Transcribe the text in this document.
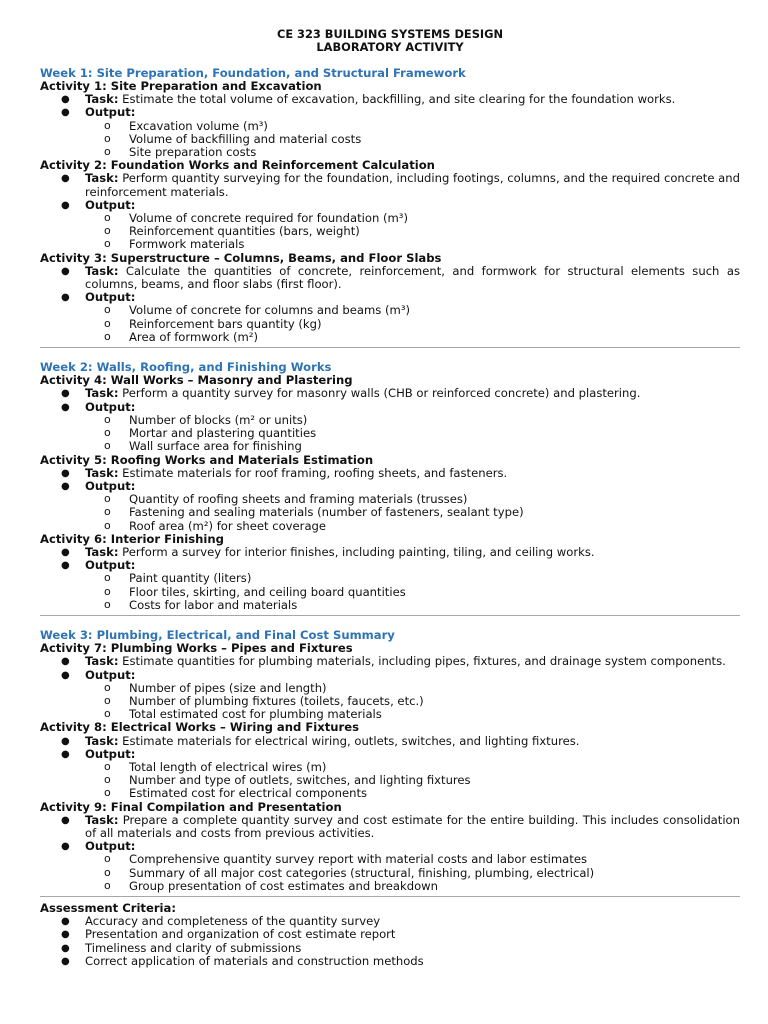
CE 323 BUILDING SYSTEMS DESIGN
LABORATORY ACTIVITY
Week 1: Site Preparation, Foundation, and Structural Framework
Activity 1: Site Preparation and Excavation
● Task: Estimate the total volume of excavation, backfilling, and site clearing for the foundation works.
● Output:
o Excavation volume (m³)
o Volume of backfilling and material costs
o Site preparation costs
Activity 2: Foundation Works and Reinforcement Calculation
● Task: Perform quantity surveying for the foundation, including footings, columns, and the required concrete and reinforcement materials.
● Output:
o Volume of concrete required for foundation (m³)
o Reinforcement quantities (bars, weight)
o Formwork materials
Activity 3: Superstructure – Columns, Beams, and Floor Slabs
● Task: Calculate the quantities of concrete, reinforcement, and formwork for structural elements such as columns, beams, and floor slabs (first floor).
● Output:
o Volume of concrete for columns and beams (m³)
o Reinforcement bars quantity (kg)
o Area of formwork (m²)
Week 2: Walls, Roofing, and Finishing Works
Activity 4: Wall Works – Masonry and Plastering
● Task: Perform a quantity survey for masonry walls (CHB or reinforced concrete) and plastering.
● Output:
o Number of blocks (m² or units)
o Mortar and plastering quantities
o Wall surface area for finishing
Activity 5: Roofing Works and Materials Estimation
● Task: Estimate materials for roof framing, roofing sheets, and fasteners.
● Output:
o Quantity of roofing sheets and framing materials (trusses)
o Fastening and sealing materials (number of fasteners, sealant type)
o Roof area (m²) for sheet coverage
Activity 6: Interior Finishing
● Task: Perform a survey for interior finishes, including painting, tiling, and ceiling works.
● Output:
o Paint quantity (liters)
o Floor tiles, skirting, and ceiling board quantities
o Costs for labor and materials
Week 3: Plumbing, Electrical, and Final Cost Summary
Activity 7: Plumbing Works – Pipes and Fixtures
● Task: Estimate quantities for plumbing materials, including pipes, fixtures, and drainage system components.
● Output:
o Number of pipes (size and length)
o Number of plumbing fixtures (toilets, faucets, etc.)
o Total estimated cost for plumbing materials
Activity 8: Electrical Works – Wiring and Fixtures
● Task: Estimate materials for electrical wiring, outlets, switches, and lighting fixtures.
● Output:
o Total length of electrical wires (m)
o Number and type of outlets, switches, and lighting fixtures
o Estimated cost for electrical components
Activity 9: Final Compilation and Presentation
● Task: Prepare a complete quantity survey and cost estimate for the entire building. This includes consolidation of all materials and costs from previous activities.
● Output:
o Comprehensive quantity survey report with material costs and labor estimates
o Summary of all major cost categories (structural, finishing, plumbing, electrical)
o Group presentation of cost estimates and breakdown
Assessment Criteria:
● Accuracy and completeness of the quantity survey
● Presentation and organization of cost estimate report
● Timeliness and clarity of submissions
● Correct application of materials and construction methods
